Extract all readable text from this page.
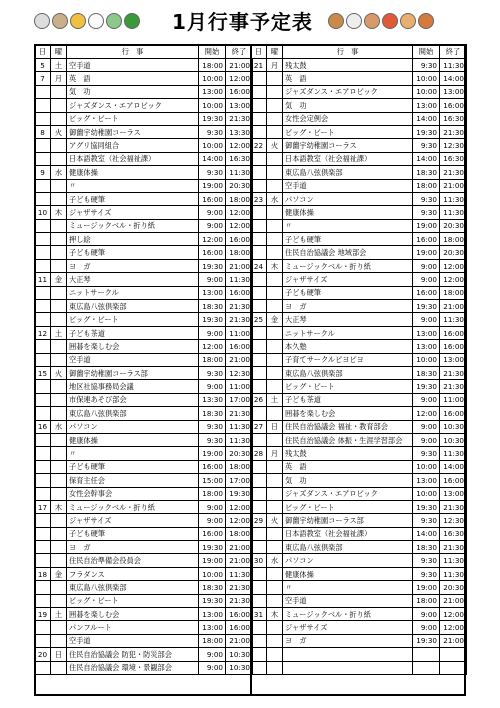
1月行事予定表
日	曜	行　事	開始	終了
5	土	空手道	18:00	21:00
7	月	英　語	10:00	12:00
		気　功	13:00	16:00
		ジャズダンス・エアロビック	10:00	13:00
		ビッグ・ビート	19:30	21:30
8	火	御薗宇幼稚園コーラス	9:30	13:30
		アグリ協同組合	10:00	12:00
		日本語教室（社会福祉課）	14:00	16:30
9	水	健康体操	9:30	11:30
		〃	19:00	20:30
		子ども硬筆	16:00	18:00
10	木	ジャザサイズ	9:00	12:00
		ミュージックベル・折り紙	9:00	12:00
		押し絵	12:00	16:00
		子ども硬筆	16:00	18:00
		ヨ　ガ	19:30	21:00
11	金	大正琴	9:00	11:30
		ニットサークル	13:00	16:00
		東広島八弦倶楽部	18:30	21:30
		ビッグ・ビート	19:30	21:30
12	土	子ども茶道	9:00	11:00
		囲碁を楽しむ会	12:00	16:00
		空手道	18:00	21:00
15	火	御薗宇幼稚園コーラス部	9:30	12:30
		地区社協事務局会議	9:00	11:00
		市保連あそび部会	13:30	17:00
		東広島八弦倶楽部	18:30	21:30
16	水	パソコン	9:30	11:30
		健康体操	9:30	11:30
		〃	19:00	20:30
		子ども硬筆	16:00	18:00
		保育主任会	15:00	17:00
		女性会幹事会	18:00	19:30
17	木	ミュージックベル・折り紙	9:00	12:00
		ジャザサイズ	9:00	12:00
		子ども硬筆	16:00	18:00
		ヨ　ガ	19:30	21:00
		住民自治準備会役員会	19:00	21:00
18	金	フラダンス	10:00	11:30
		東広島八弦倶楽部	18:30	21:30
		ビッグ・ビート	19:30	21:30
19	土	囲碁を楽しむ会	13:00	16:00
		パンフルート	13:00	16:00
		空手道	18:00	21:00
20	日	住民自治協議会 防犯・防災部会	9:00	10:30
		住民自治協議会 環境・景観部会	9:00	10:30
日	曜	行　事	開始	終了
21	月	残太鼓	9:30	11:30
		英　語	10:00	14:00
		ジャズダンス・エアロビック	10:00	13:00
		気　功	13:00	16:00
		女性会定例会	14:00	16:30
		ビッグ・ビート	19:30	21:30
22	火	御薗宇幼稚園コーラス	9:30	12:30
		日本語教室（社会福祉課）	14:00	16:30
		東広島八弦倶楽部	18:30	21:30
		空手道	18:00	21:00
23	水	パソコン	9:30	11:30
		健康体操	9:30	11:30
		〃	19:00	20:30
		子ども硬筆	16:00	18:00
		住民自治協議会 地域部会	19:00	20:30
24	木	ミュージックベル・折り紙	9:00	12:00
		ジャザサイズ	9:00	12:00
		子ども硬筆	16:00	18:00
		ヨ　ガ	19:30	21:00
25	金	大正琴	9:00	11:30
		ニットサークル	13:00	16:00
		本久塾	13:00	16:00
		子育てサークルピヨピヨ	10:00	13:00
		東広島八弦倶楽部	18:30	21:30
		ビッグ・ビート	19:30	21:30
26	土	子ども茶道	9:00	11:00
		囲碁を楽しむ会	12:00	16:00
27	日	住民自治協議会 福祉・教育部会	9:00	10:30
		住民自治協議会 体振・生涯学習部会	9:00	10:30
28	月	残太鼓	9:30	11:30
		英　語	10:00	14:00
		気　功	13:00	16:00
		ジャズダンス・エアロビック	10:00	13:00
		ビッグ・ビート	19:30	21:30
29	火	御薗宇幼稚園コーラス部	9:30	12:30
		日本語教室（社会福祉課）	14:00	16:30
		東広島八弦倶楽部	18:30	21:30
30	水	パソコン	9:30	11:30
		健康体操	9:30	11:30
		〃	19:00	20:30
		空手道	18:00	21:00
31	木	ミュージックベル・折り紙	9:00	12:00
		ジャザサイズ	9:00	12:00
		ヨ　ガ	19:30	21:00
